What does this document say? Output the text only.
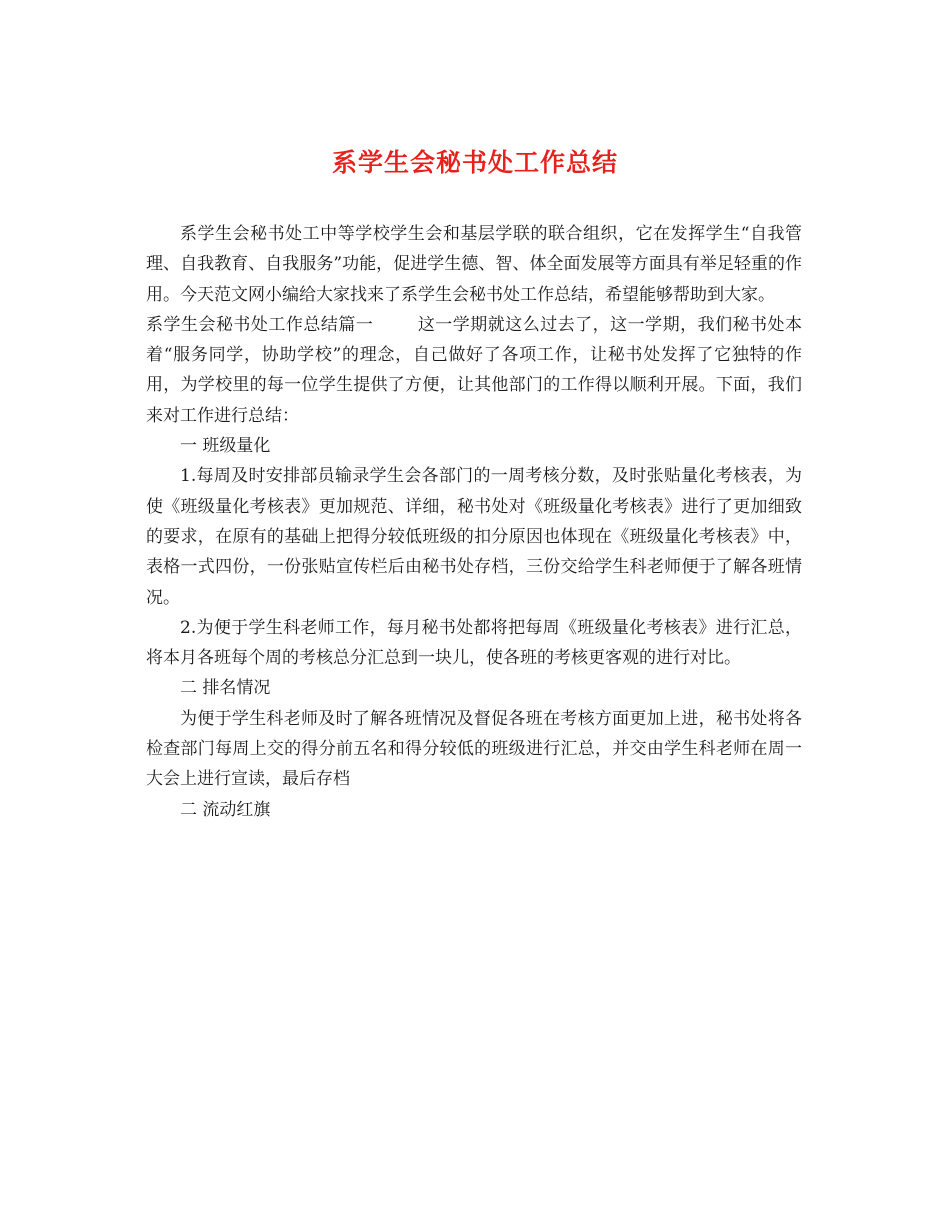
系学生会秘书处工作总结

系学生会秘书处工中等学校学生会和基层学联的联合组织，它在发挥学生“自我管理、自我教育、自我服务”功能，促进学生德、智、体全面发展等方面具有举足轻重的作用。今天范文网小编给大家找来了系学生会秘书处工作总结，希望能够帮助到大家。

系学生会秘书处工作总结篇一	这一学期就这么过去了，这一学期，我们秘书处本着“服务同学，协助学校”的理念，自己做好了各项工作，让秘书处发挥了它独特的作用，为学校里的每一位学生提供了方便，让其他部门的工作得以顺利开展。下面，我们来对工作进行总结：

一 班级量化

1.每周及时安排部员输录学生会各部门的一周考核分数，及时张贴量化考核表，为使《班级量化考核表》更加规范、详细，秘书处对《班级量化考核表》进行了更加细致的要求，在原有的基础上把得分较低班级的扣分原因也体现在《班级量化考核表》中，表格一式四份，一份张贴宣传栏后由秘书处存档，三份交给学生科老师便于了解各班情况。

2.为便于学生科老师工作，每月秘书处都将把每周《班级量化考核表》进行汇总，将本月各班每个周的考核总分汇总到一块儿，使各班的考核更客观的进行对比。

二 排名情况

为便于学生科老师及时了解各班情况及督促各班在考核方面更加上进，秘书处将各检查部门每周上交的得分前五名和得分较低的班级进行汇总，并交由学生科老师在周一大会上进行宣读，最后存档

二 流动红旗
